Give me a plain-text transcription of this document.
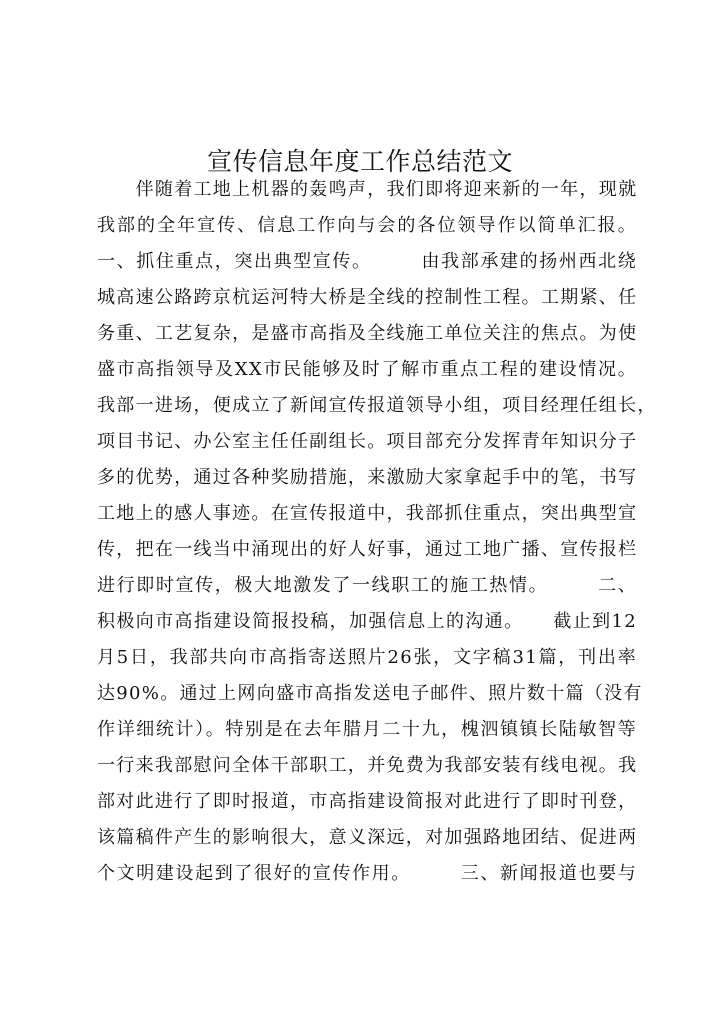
宣传信息年度工作总结范文
　　伴随着工地上机器的轰鸣声，我们即将迎来新的一年，现就
我部的全年宣传、信息工作向与会的各位领导作以简单汇报。
一、抓住重点，突出典型宣传。　　　由我部承建的扬州西北绕
城高速公路跨京杭运河特大桥是全线的控制性工程。工期紧、任
务重、工艺复杂，是盛市高指及全线施工单位关注的焦点。为使
盛市高指领导及XX市民能够及时了解市重点工程的建设情况。
我部一进场，便成立了新闻宣传报道领导小组，项目经理任组长，
项目书记、办公室主任任副组长。项目部充分发挥青年知识分子
多的优势，通过各种奖励措施，来激励大家拿起手中的笔，书写
工地上的感人事迹。在宣传报道中，我部抓住重点，突出典型宣
传，把在一线当中涌现出的好人好事，通过工地广播、宣传报栏
进行即时宣传，极大地激发了一线职工的施工热情。　　　二、
积极向市高指建设简报投稿，加强信息上的沟通。　　截止到12
月5日，我部共向市高指寄送照片26张，文字稿31篇，刊出率
达90%。通过上网向盛市高指发送电子邮件、照片数十篇（没有
作详细统计）。特别是在去年腊月二十九，槐泗镇镇长陆敏智等
一行来我部慰问全体干部职工，并免费为我部安装有线电视。我
部对此进行了即时报道，市高指建设简报对此进行了即时刊登，
该篇稿件产生的影响很大，意义深远，对加强路地团结、促进两
个文明建设起到了很好的宣传作用。　　　三、新闻报道也要与
